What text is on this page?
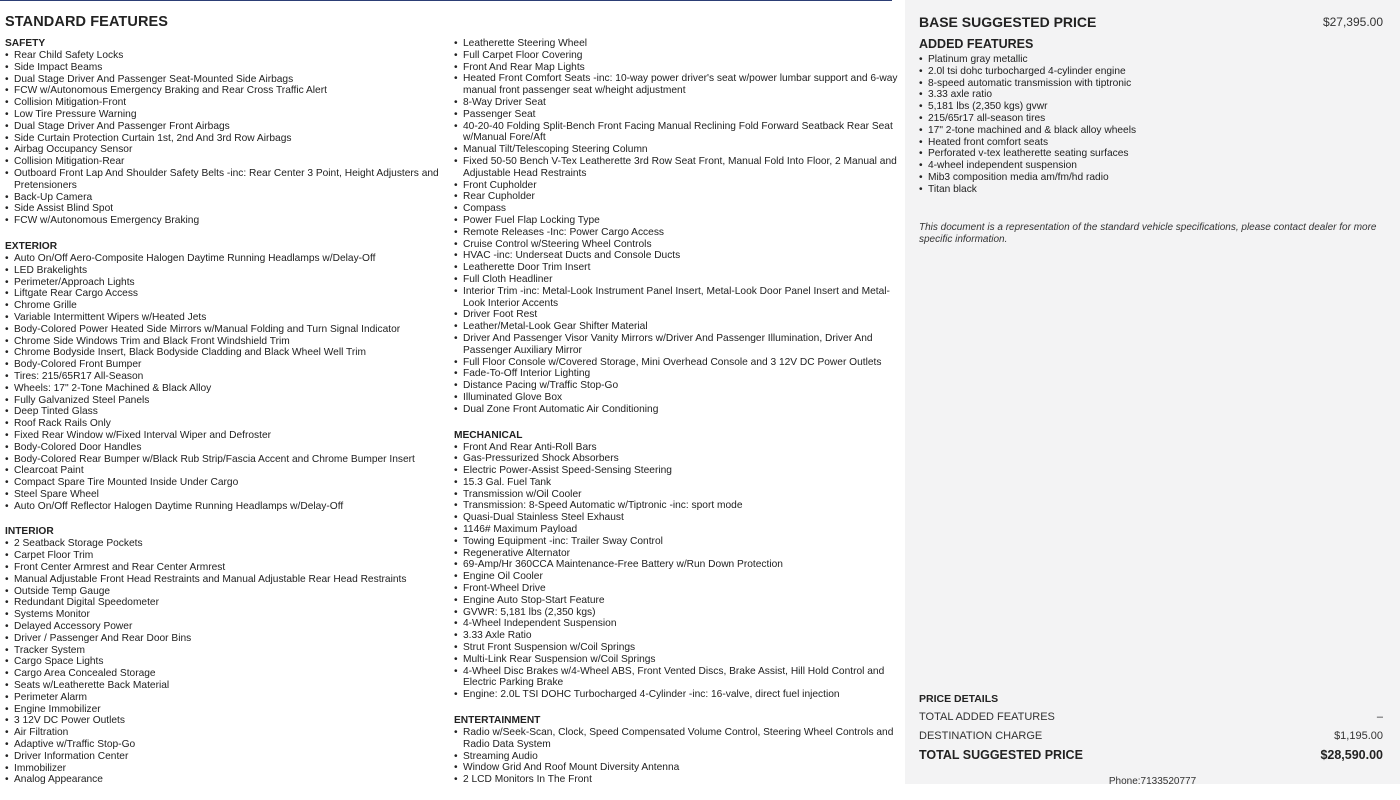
STANDARD FEATURES
SAFETY
• Rear Child Safety Locks
• Side Impact Beams
• Dual Stage Driver And Passenger Seat-Mounted Side Airbags
• FCW w/Autonomous Emergency Braking and Rear Cross Traffic Alert
• Collision Mitigation-Front
• Low Tire Pressure Warning
• Dual Stage Driver And Passenger Front Airbags
• Side Curtain Protection Curtain 1st, 2nd And 3rd Row Airbags
• Airbag Occupancy Sensor
• Collision Mitigation-Rear
• Outboard Front Lap And Shoulder Safety Belts -inc: Rear Center 3 Point, Height Adjusters and Pretensioners
• Back-Up Camera
• Side Assist Blind Spot
• FCW w/Autonomous Emergency Braking
EXTERIOR
• Auto On/Off Aero-Composite Halogen Daytime Running Headlamps w/Delay-Off
• LED Brakelights
• Perimeter/Approach Lights
• Liftgate Rear Cargo Access
• Chrome Grille
• Variable Intermittent Wipers w/Heated Jets
• Body-Colored Power Heated Side Mirrors w/Manual Folding and Turn Signal Indicator
• Chrome Side Windows Trim and Black Front Windshield Trim
• Chrome Bodyside Insert, Black Bodyside Cladding and Black Wheel Well Trim
• Body-Colored Front Bumper
• Tires: 215/65R17 All-Season
• Wheels: 17" 2-Tone Machined & Black Alloy
• Fully Galvanized Steel Panels
• Deep Tinted Glass
• Roof Rack Rails Only
• Fixed Rear Window w/Fixed Interval Wiper and Defroster
• Body-Colored Door Handles
• Body-Colored Rear Bumper w/Black Rub Strip/Fascia Accent and Chrome Bumper Insert
• Clearcoat Paint
• Compact Spare Tire Mounted Inside Under Cargo
• Steel Spare Wheel
• Auto On/Off Reflector Halogen Daytime Running Headlamps w/Delay-Off
INTERIOR
• 2 Seatback Storage Pockets
• Carpet Floor Trim
• Front Center Armrest and Rear Center Armrest
• Manual Adjustable Front Head Restraints and Manual Adjustable Rear Head Restraints
• Outside Temp Gauge
• Redundant Digital Speedometer
• Systems Monitor
• Delayed Accessory Power
• Driver / Passenger And Rear Door Bins
• Tracker System
• Cargo Space Lights
• Cargo Area Concealed Storage
• Seats w/Leatherette Back Material
• Perimeter Alarm
• Engine Immobilizer
• 3 12V DC Power Outlets
• Air Filtration
• Adaptive w/Traffic Stop-Go
• Driver Information Center
• Immobilizer
• Analog Appearance
• Leatherette Steering Wheel
• Full Carpet Floor Covering
• Front And Rear Map Lights
• Heated Front Comfort Seats -inc: 10-way power driver's seat w/power lumbar support and 6-way manual front passenger seat w/height adjustment
• 8-Way Driver Seat
• Passenger Seat
• 40-20-40 Folding Split-Bench Front Facing Manual Reclining Fold Forward Seatback Rear Seat w/Manual Fore/Aft
• Manual Tilt/Telescoping Steering Column
• Fixed 50-50 Bench V-Tex Leatherette 3rd Row Seat Front, Manual Fold Into Floor, 2 Manual and Adjustable Head Restraints
• Front Cupholder
• Rear Cupholder
• Compass
• Power Fuel Flap Locking Type
• Remote Releases -Inc: Power Cargo Access
• Cruise Control w/Steering Wheel Controls
• HVAC -inc: Underseat Ducts and Console Ducts
• Leatherette Door Trim Insert
• Full Cloth Headliner
• Interior Trim -inc: Metal-Look Instrument Panel Insert, Metal-Look Door Panel Insert and Metal-Look Interior Accents
• Driver Foot Rest
• Leather/Metal-Look Gear Shifter Material
• Driver And Passenger Visor Vanity Mirrors w/Driver And Passenger Illumination, Driver And Passenger Auxiliary Mirror
• Full Floor Console w/Covered Storage, Mini Overhead Console and 3 12V DC Power Outlets
• Fade-To-Off Interior Lighting
• Distance Pacing w/Traffic Stop-Go
• Illuminated Glove Box
• Dual Zone Front Automatic Air Conditioning
MECHANICAL
• Front And Rear Anti-Roll Bars
• Gas-Pressurized Shock Absorbers
• Electric Power-Assist Speed-Sensing Steering
• 15.3 Gal. Fuel Tank
• Transmission w/Oil Cooler
• Transmission: 8-Speed Automatic w/Tiptronic -inc: sport mode
• Quasi-Dual Stainless Steel Exhaust
• 1146# Maximum Payload
• Towing Equipment -inc: Trailer Sway Control
• Regenerative Alternator
• 69-Amp/Hr 360CCA Maintenance-Free Battery w/Run Down Protection
• Engine Oil Cooler
• Front-Wheel Drive
• Engine Auto Stop-Start Feature
• GVWR: 5,181 lbs (2,350 kgs)
• 4-Wheel Independent Suspension
• 3.33 Axle Ratio
• Strut Front Suspension w/Coil Springs
• Multi-Link Rear Suspension w/Coil Springs
• 4-Wheel Disc Brakes w/4-Wheel ABS, Front Vented Discs, Brake Assist, Hill Hold Control and Electric Parking Brake
• Engine: 2.0L TSI DOHC Turbocharged 4-Cylinder -inc: 16-valve, direct fuel injection
ENTERTAINMENT
• Radio w/Seek-Scan, Clock, Speed Compensated Volume Control, Steering Wheel Controls and Radio Data System
• Streaming Audio
• Window Grid And Roof Mount Diversity Antenna
• 2 LCD Monitors In The Front
BASE SUGGESTED PRICE	$27,395.00
ADDED FEATURES
• Platinum gray metallic
• 2.0l tsi dohc turbocharged 4-cylinder engine
• 8-speed automatic transmission with tiptronic
• 3.33 axle ratio
• 5,181 lbs (2,350 kgs) gvwr
• 215/65r17 all-season tires
• 17" 2-tone machined and & black alloy wheels
• Heated front comfort seats
• Perforated v-tex leatherette seating surfaces
• 4-wheel independent suspension
• Mib3 composition media am/fm/hd radio
• Titan black
This document is a representation of the standard vehicle specifications, please contact dealer for more specific information.
PRICE DETAILS
TOTAL ADDED FEATURES	–
DESTINATION CHARGE	$1,195.00
TOTAL SUGGESTED PRICE	$28,590.00
Phone:7133520777
